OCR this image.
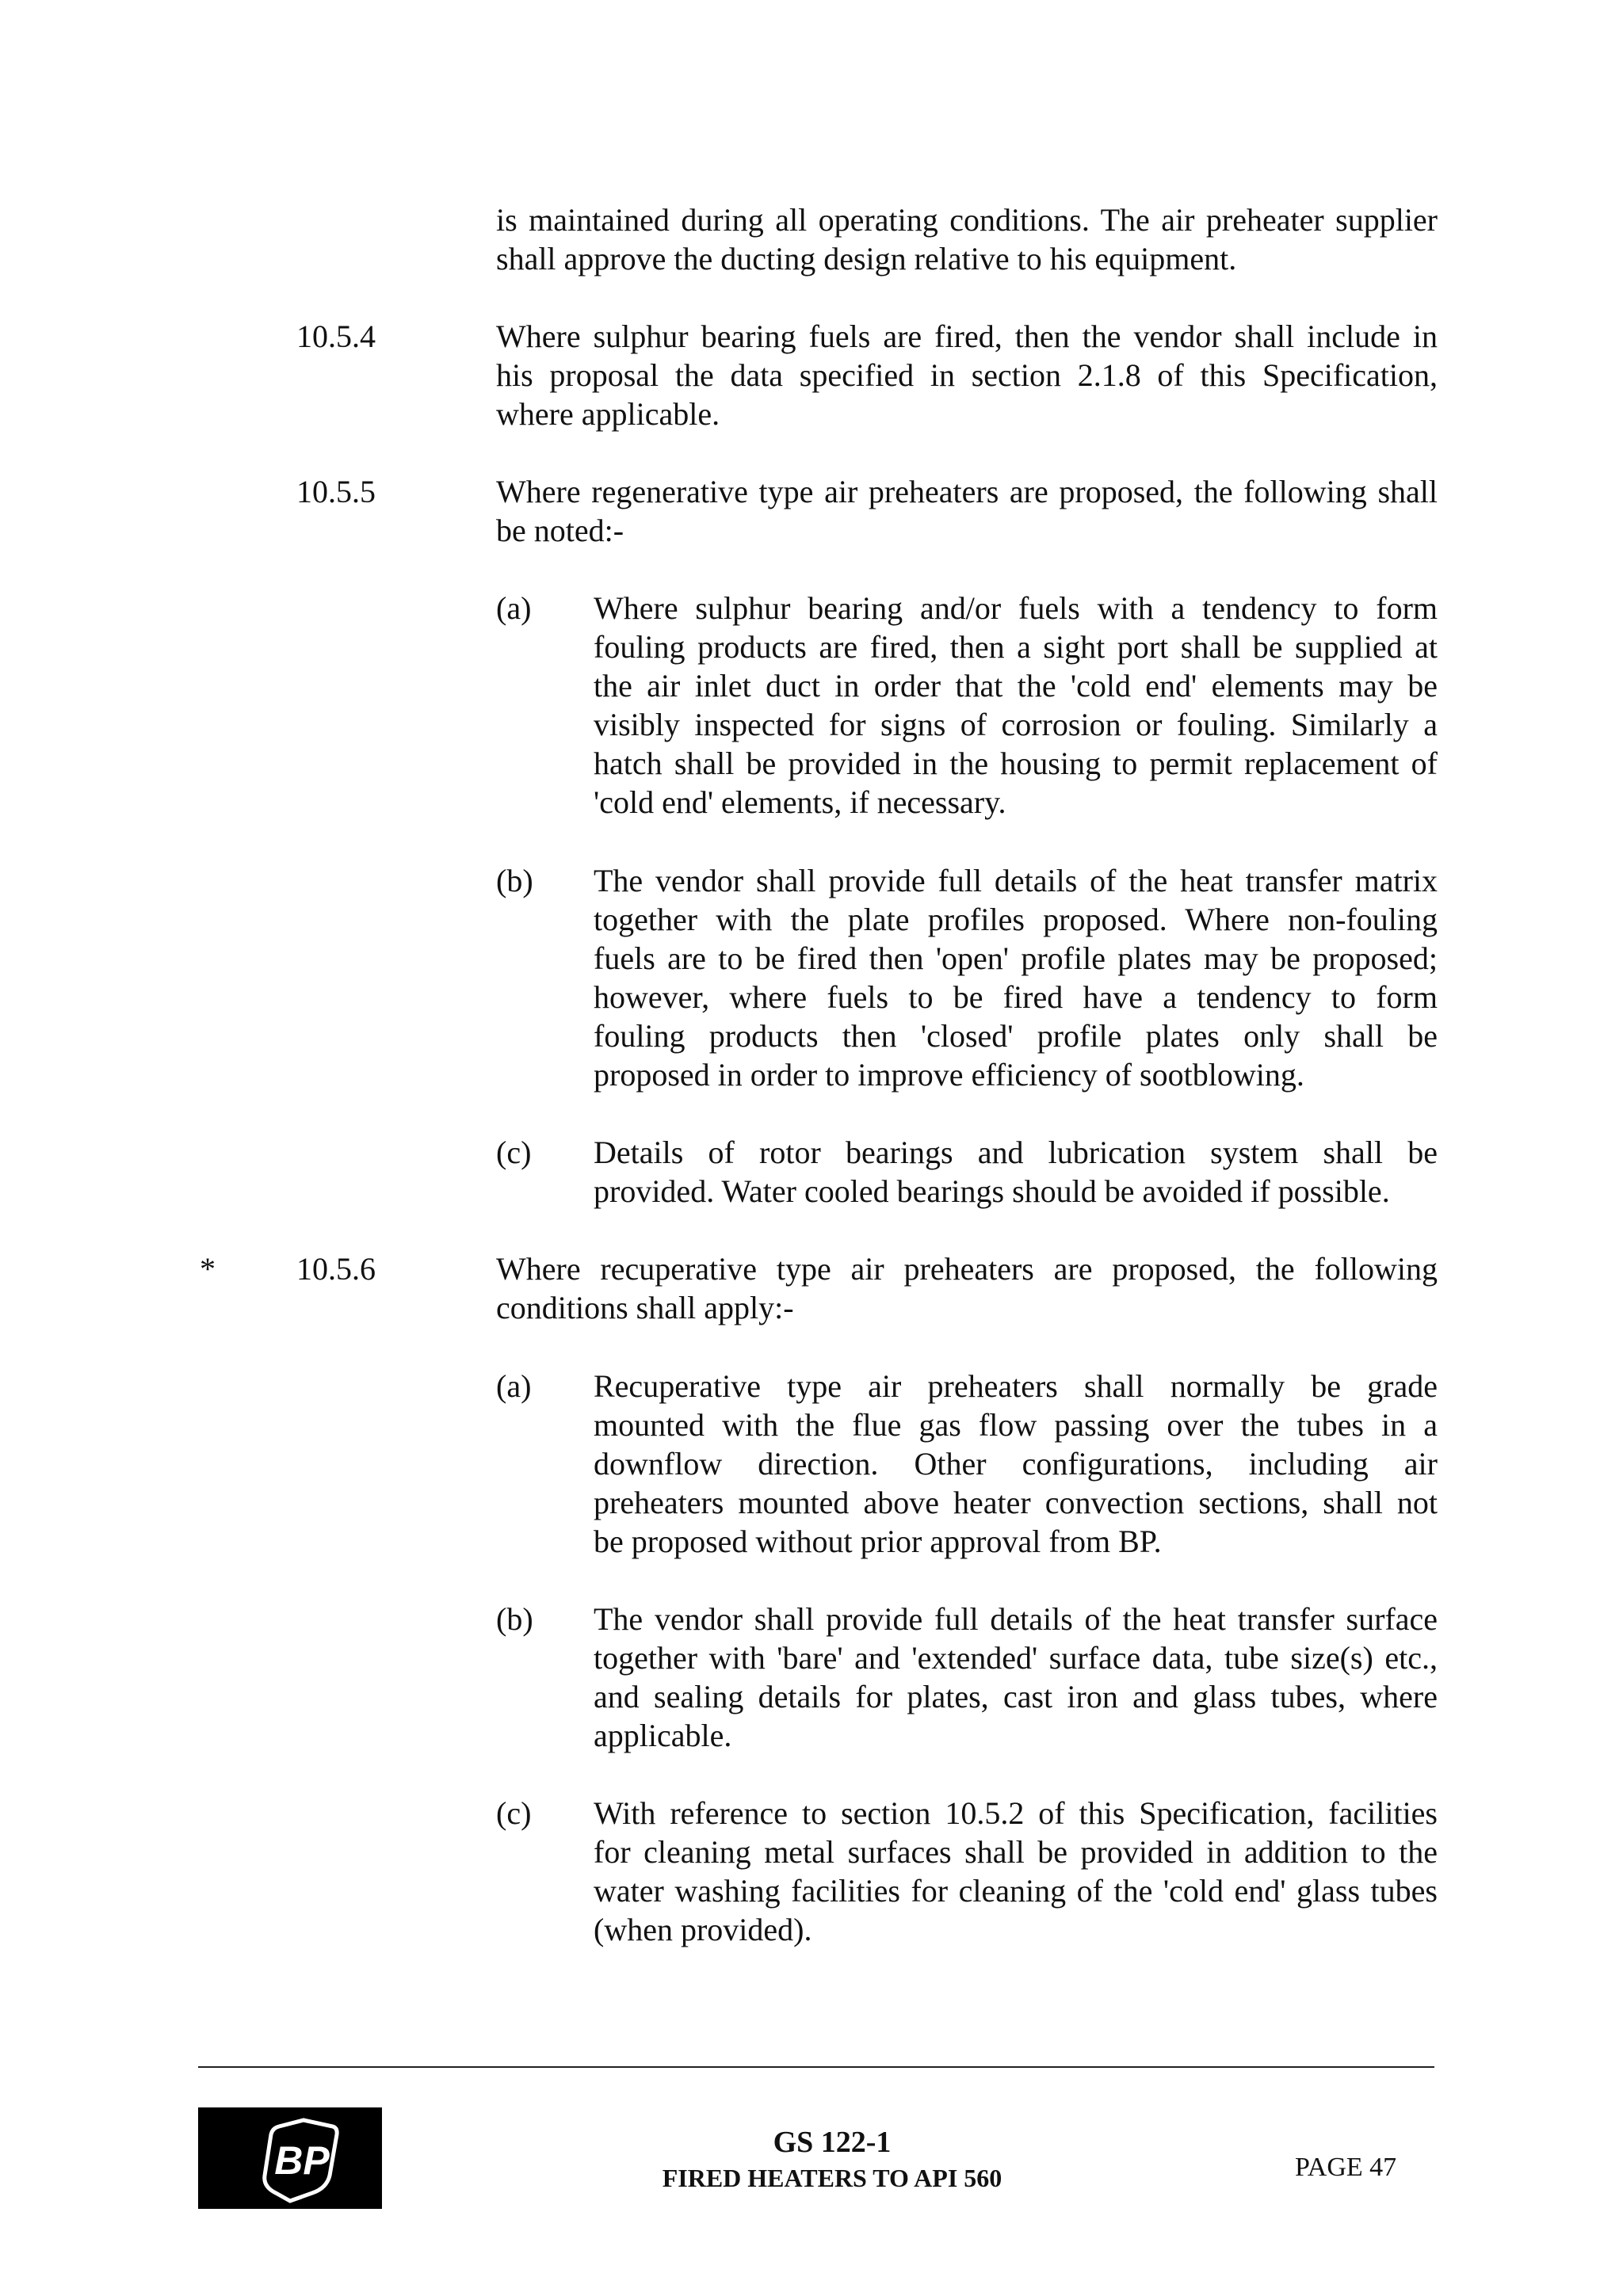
is maintained during all operating conditions. The air preheater supplier
shall approve the ducting design relative to his equipment.
10.5.4	Where sulphur bearing fuels are fired, then the vendor shall include in
his proposal the data specified in section 2.1.8 of this Specification,
where applicable.
10.5.5	Where regenerative type air preheaters are proposed, the following shall
be noted:-
(a) Where sulphur bearing and/or fuels with a tendency to form
fouling products are fired, then a sight port shall be supplied at
the air inlet duct in order that the 'cold end' elements may be
visibly inspected for signs of corrosion or fouling. Similarly a
hatch shall be provided in the housing to permit replacement of
'cold end' elements, if necessary.
(b) The vendor shall provide full details of the heat transfer matrix
together with the plate profiles proposed. Where non-fouling
fuels are to be fired then 'open' profile plates may be proposed;
however, where fuels to be fired have a tendency to form
fouling products then 'closed' profile plates only shall be
proposed in order to improve efficiency of sootblowing.
(c) Details of rotor bearings and lubrication system shall be
provided. Water cooled bearings should be avoided if possible.
*	10.5.6	Where recuperative type air preheaters are proposed, the following
conditions shall apply:-
(a) Recuperative type air preheaters shall normally be grade
mounted with the flue gas flow passing over the tubes in a
downflow direction. Other configurations, including air
preheaters mounted above heater convection sections, shall not
be proposed without prior approval from BP.
(b) The vendor shall provide full details of the heat transfer surface
together with 'bare' and 'extended' surface data, tube size(s) etc.,
and sealing details for plates, cast iron and glass tubes, where
applicable.
(c) With reference to section 10.5.2 of this Specification, facilities
for cleaning metal surfaces shall be provided in addition to the
water washing facilities for cleaning of the 'cold end' glass tubes
(when provided).
BP	GS 122-1
FIRED HEATERS TO API 560	PAGE 47
